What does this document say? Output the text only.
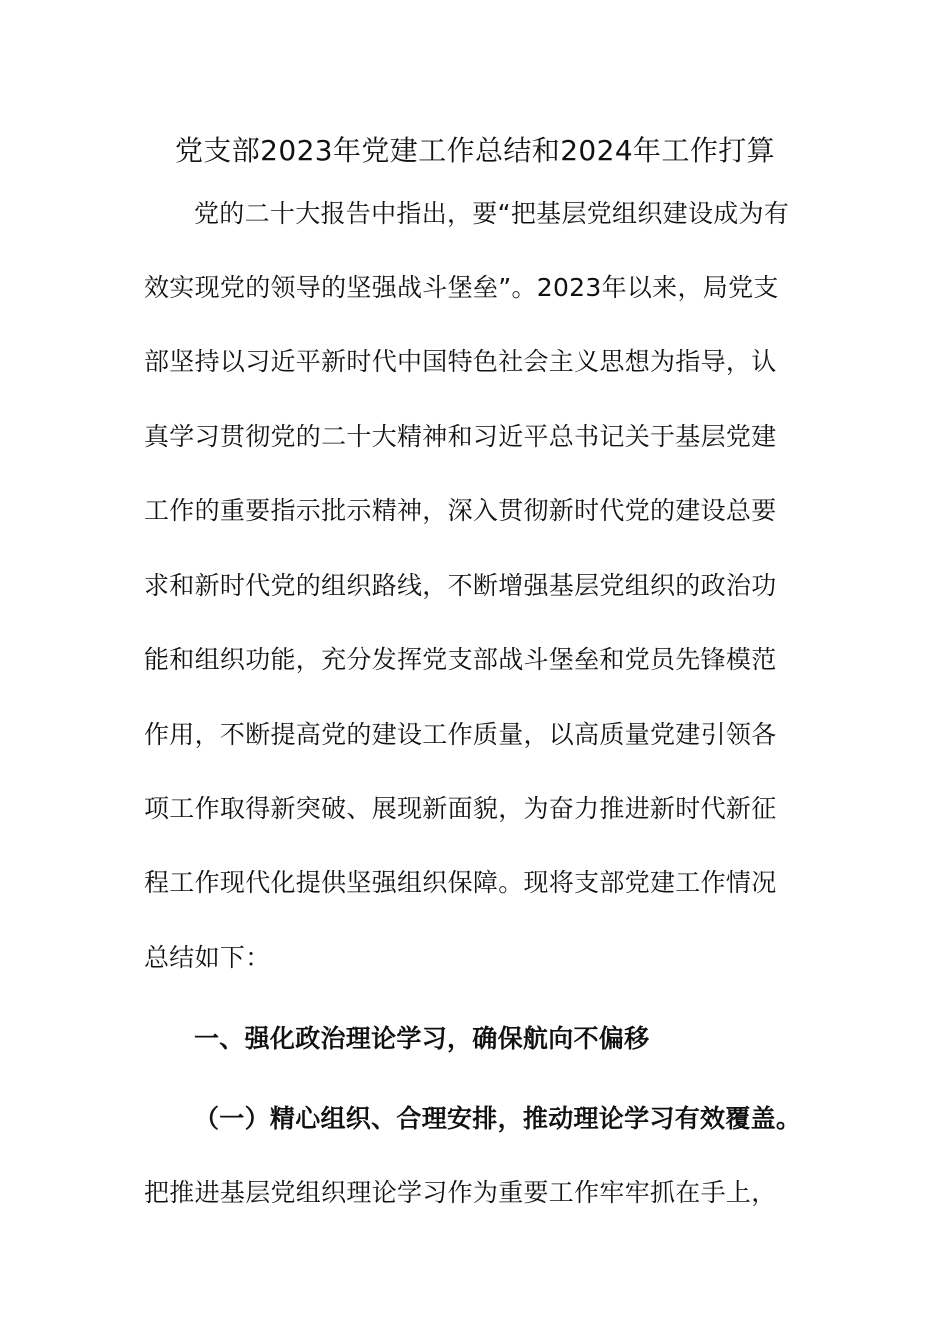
党支部2023年党建工作总结和2024年工作打算
党的二十大报告中指出，要“把基层党组织建设成为有
效实现党的领导的坚强战斗堡垒”。2023年以来，局党支
部坚持以习近平新时代中国特色社会主义思想为指导，认
真学习贯彻党的二十大精神和习近平总书记关于基层党建
工作的重要指示批示精神，深入贯彻新时代党的建设总要
求和新时代党的组织路线，不断增强基层党组织的政治功
能和组织功能，充分发挥党支部战斗堡垒和党员先锋模范
作用，不断提高党的建设工作质量，以高质量党建引领各
项工作取得新突破、展现新面貌，为奋力推进新时代新征
程工作现代化提供坚强组织保障。现将支部党建工作情况
总结如下：
一、强化政治理论学习，确保航向不偏移
（一）精心组织、合理安排，推动理论学习有效覆盖。
把推进基层党组织理论学习作为重要工作牢牢抓在手上，
